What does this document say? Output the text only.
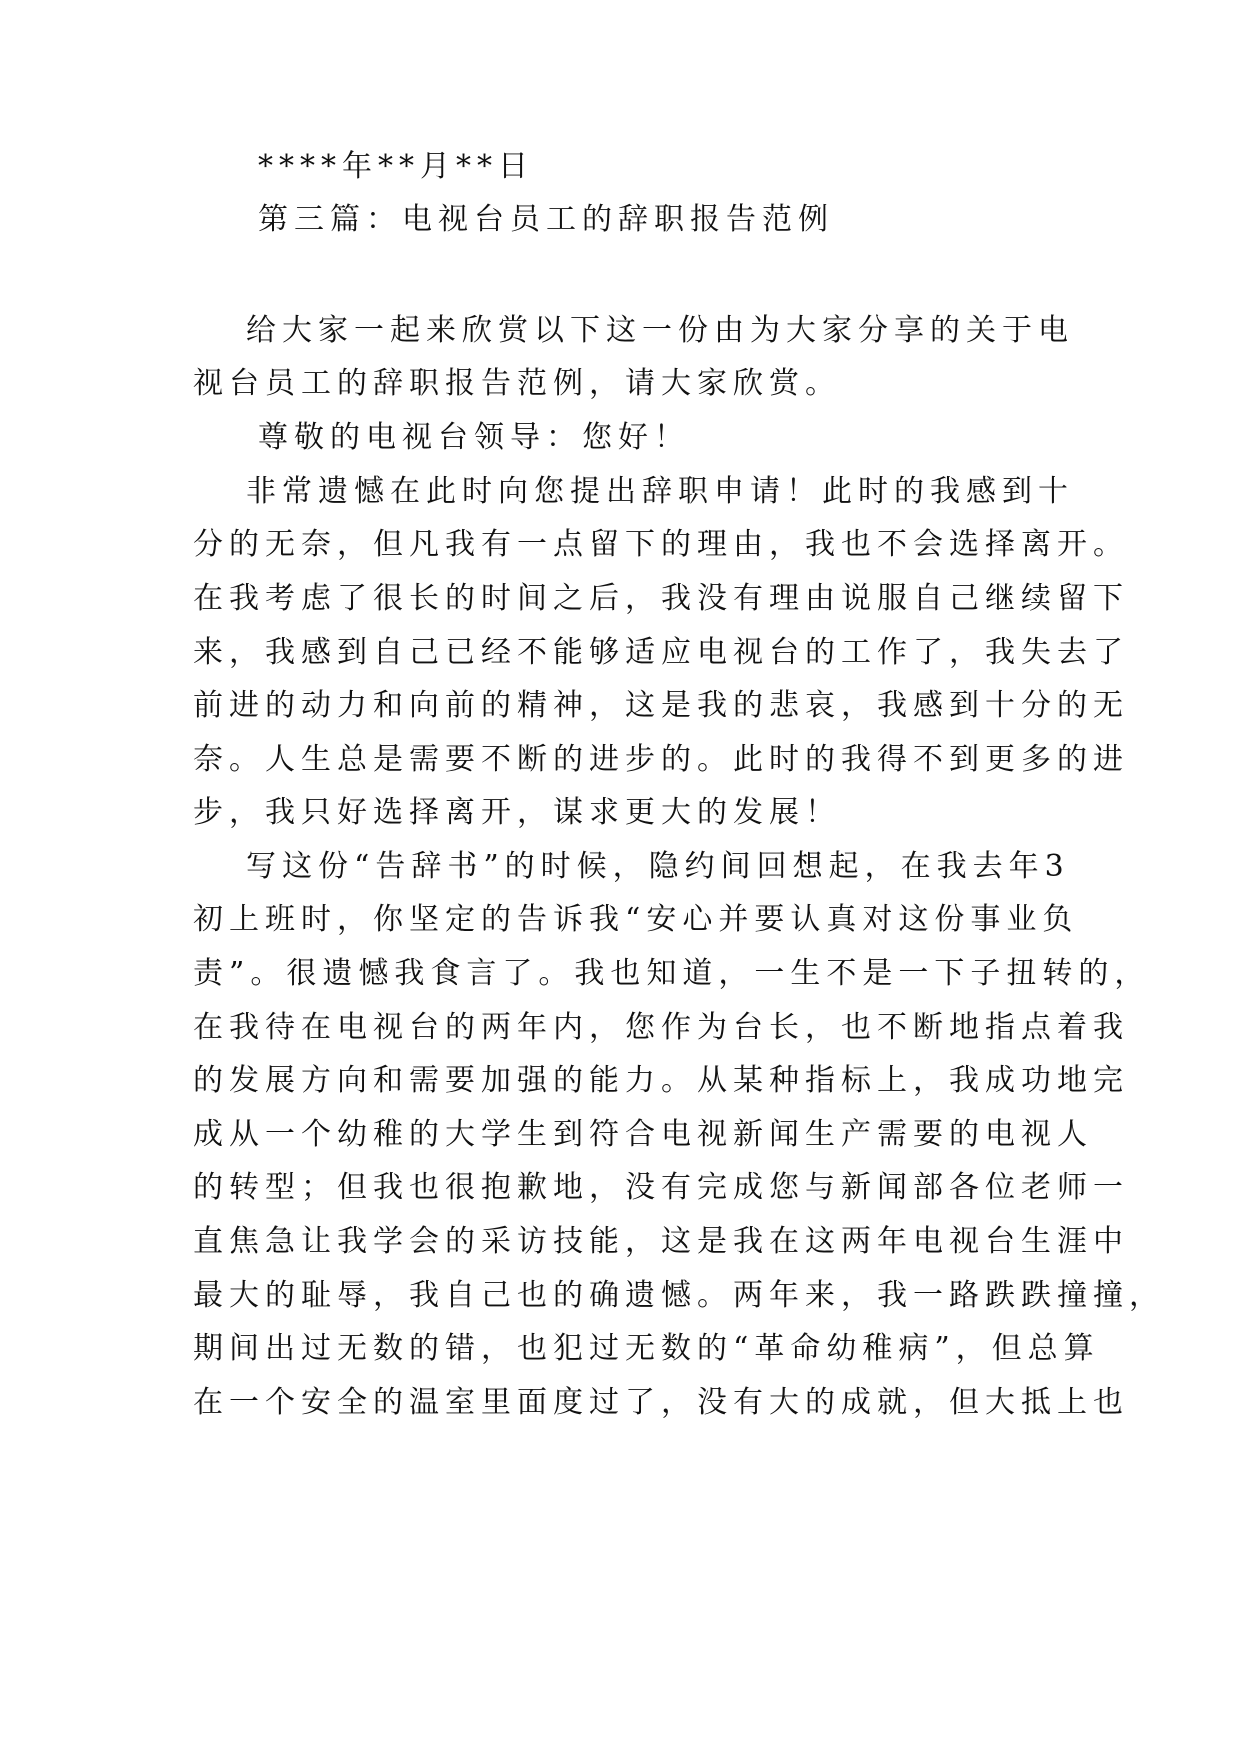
****年**月**日
第三篇：电视台员工的辞职报告范例
给大家一起来欣赏以下这一份由为大家分享的关于电
视台员工的辞职报告范例，请大家欣赏。
尊敬的电视台领导：您好！
非常遗憾在此时向您提出辞职申请！此时的我感到十
分的无奈，但凡我有一点留下的理由，我也不会选择离开。
在我考虑了很长的时间之后，我没有理由说服自己继续留下
来，我感到自己已经不能够适应电视台的工作了，我失去了
前进的动力和向前的精神，这是我的悲哀，我感到十分的无
奈。人生总是需要不断的进步的。此时的我得不到更多的进
步，我只好选择离开，谋求更大的发展！
写这份“告辞书”的时候，隐约间回想起，在我去年3
初上班时，你坚定的告诉我“安心并要认真对这份事业负
责”。很遗憾我食言了。我也知道，一生不是一下子扭转的，
在我待在电视台的两年内，您作为台长，也不断地指点着我
的发展方向和需要加强的能力。从某种指标上，我成功地完
成从一个幼稚的大学生到符合电视新闻生产需要的电视人
的转型；但我也很抱歉地，没有完成您与新闻部各位老师一
直焦急让我学会的采访技能，这是我在这两年电视台生涯中
最大的耻辱，我自己也的确遗憾。两年来，我一路跌跌撞撞，
期间出过无数的错，也犯过无数的“革命幼稚病”，但总算
在一个安全的温室里面度过了，没有大的成就，但大抵上也
